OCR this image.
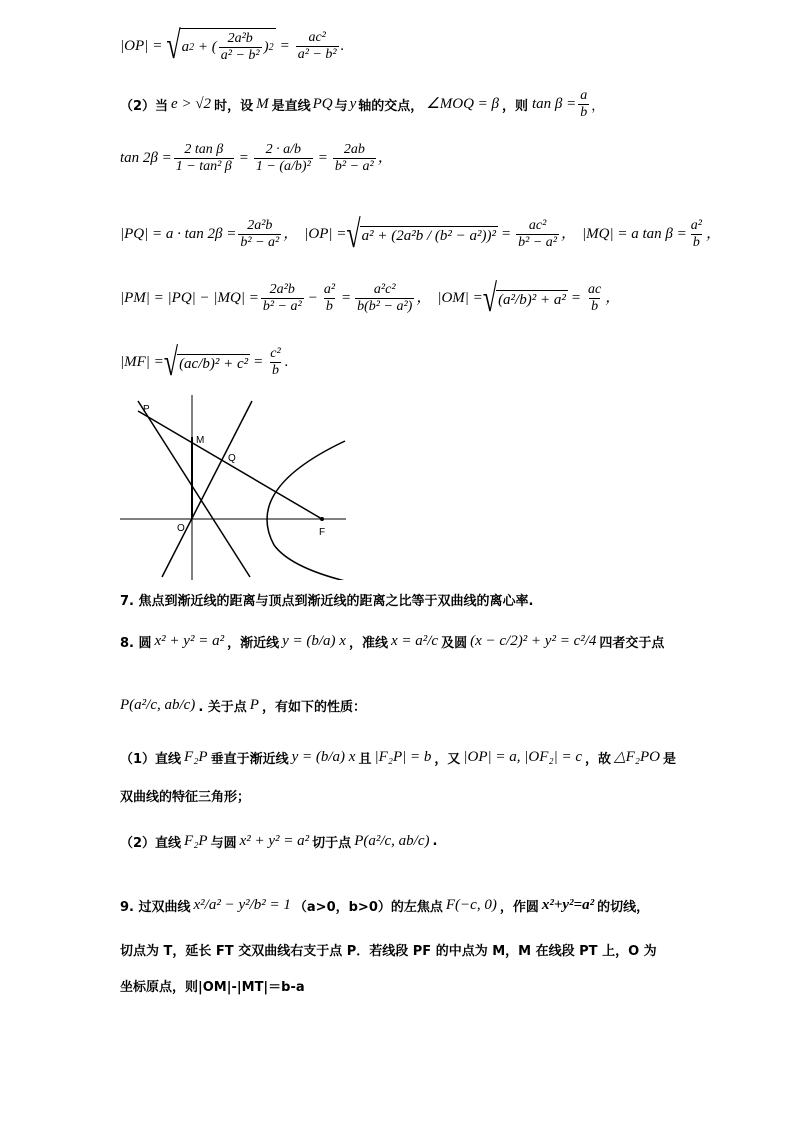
|OP| = √ a 2 + ( $\frac{\text{2a²b}}{\text{a² − b²}}$ ) $2 = \frac{\text{ac²}}{\text{a² − b²}}$ .
（2）当 e > √2 时，设 M 是直线 PQ 与 y 轴的交点， ∠MOQ = β ，则 $\tan \beta = \frac{a}{b}$ ，
$\tan 2\beta = \frac{\text{2 tan β}}{\text{1 − tan² β}} = \frac{2 \cdot a/b}{\text{1 − (a/b)²}} = \frac{2ab}{\text{b² − a²}}$ ，
$|PQ| = a \cdot \tan 2\beta = \frac{\text{2a²b}}{\text{b² − a²}}$ ， |OP| = √ $a^2 + (2a^2b / (b^2 - a^2))^2 = \frac{\text{ac²}}{\text{b² − a²}}$ ， |MQ| = a $\tan \beta = \frac{\text{a²}}{b}$ ，
$|PM| = |PQ| - |MQ| = \frac{\text{2a²b}}{\text{b² − a²}} - \frac{\text{a²}}{b} = \frac{\text{a²c²}}{\text{b(b² − a²)}}$ ， |OM| = √ $(a^2/b)^2 + a^2 = \frac{ac}{b}$ ，
|MF| = √ $(ac/b)^2 + c^2 = \frac{\text{c²}}{b}$ .
P
M
Q
O	F
7. 焦点到渐近线的距离与顶点到渐近线的距离之比等于双曲线的离心率.
8. 圆 x² + y² = a² ，渐近线 y = (b/a) x ，准线 x = a²/c 及圆 (x − c/2)² + y² = c²/4 四者交于点
P(a²/c, ab/c) . 关于点 P ，有如下的性质：
（1）直线 F₂P 垂直于渐近线 y = (b/a) x 且 |F₂P| = b ，又 |OP| = a, |OF₂| = c ，故 △F₂PO 是
双曲线的特征三角形；
（2）直线 F₂P 与圆 x² + y² = a² 切于点 P(a²/c, ab/c) .
9. 过双曲线 x²/a² − y²/b² = 1 （a>0，b>0）的左焦点 F(−c, 0) ，作圆 x²+y²=a² 的切线，
切点为 T，延长 FT 交双曲线右支于点 P．若线段 PF 的中点为 M，M 在线段 PT 上，O 为
坐标原点，则|OM|-|MT|＝b-a
